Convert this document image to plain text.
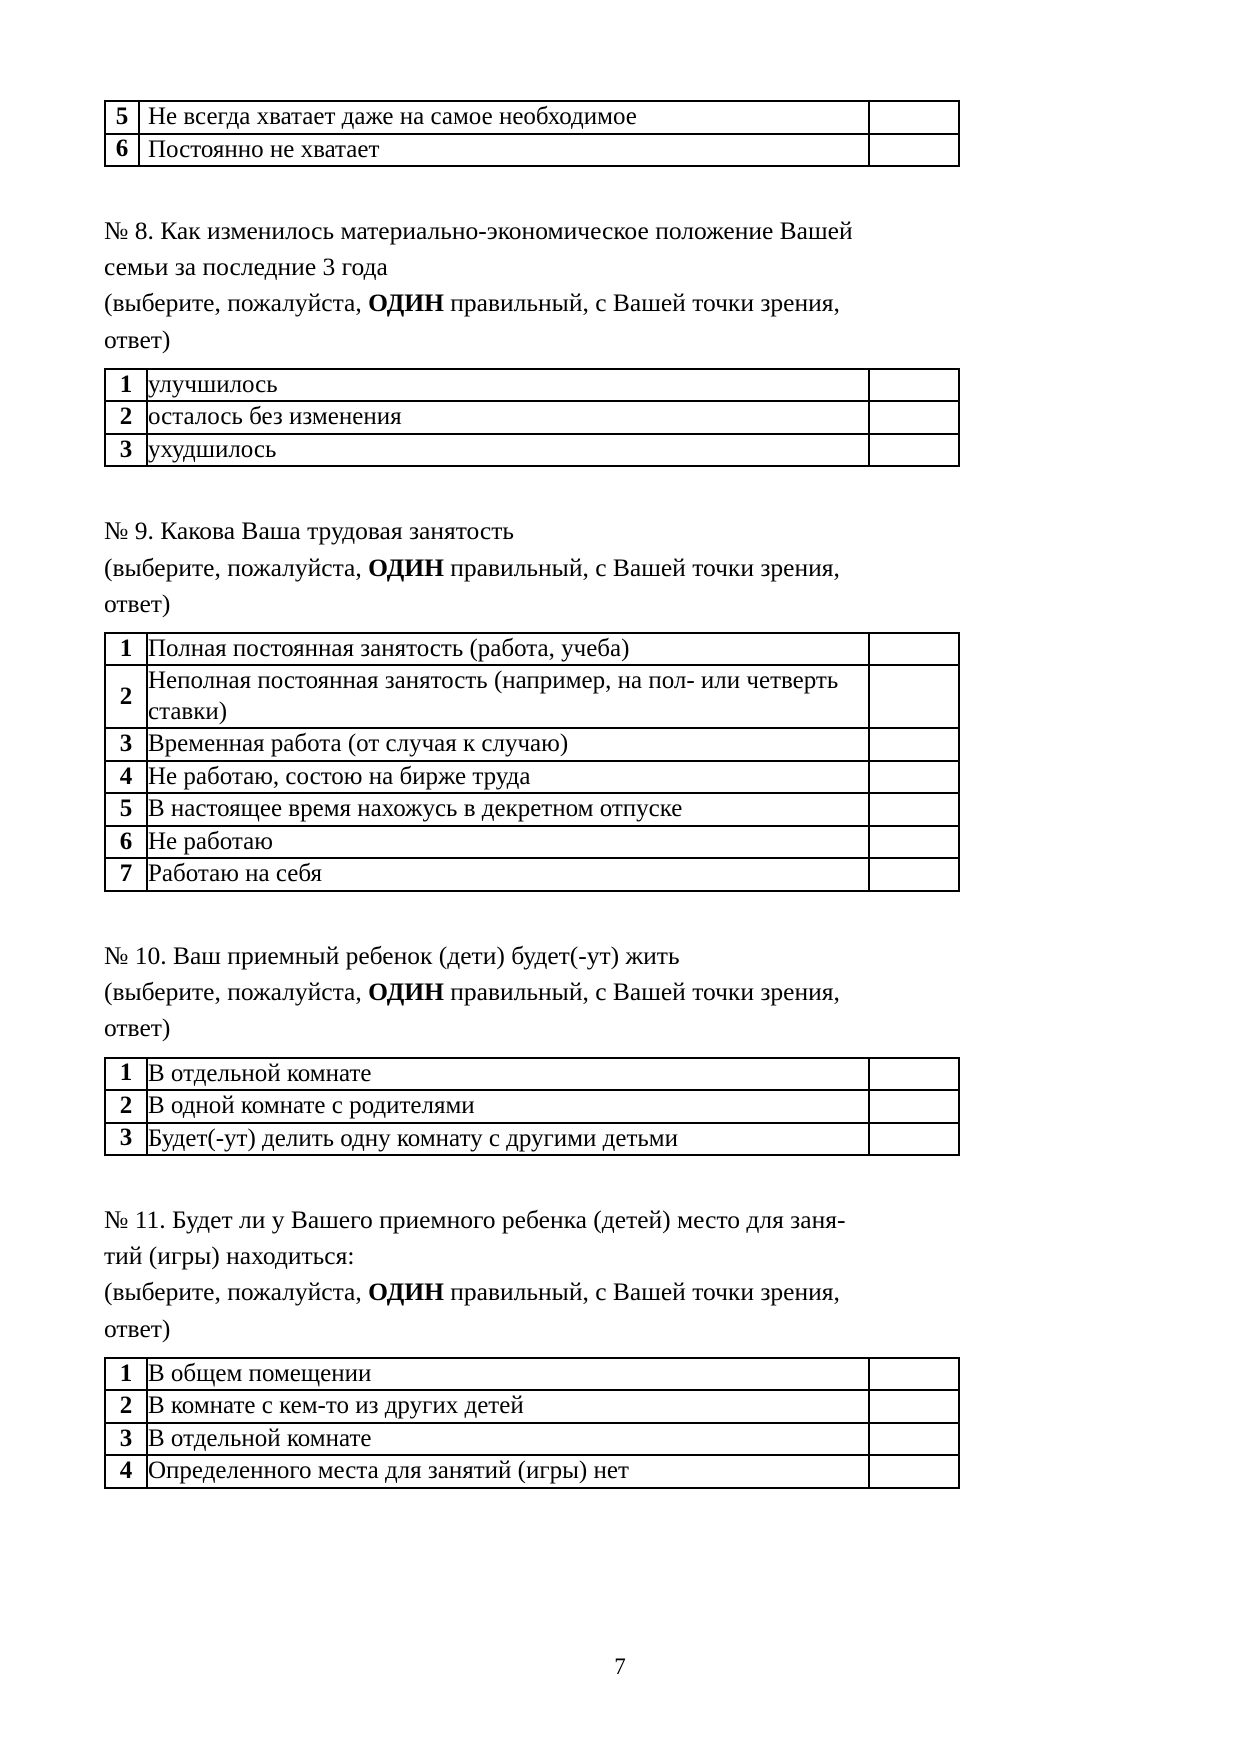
5	Не всегда хватает даже на самое необходимое	
6	Постоянно не хватает	
№ 8. Как изменилось материально-экономическое положение Вашей
семьи за последние 3 года
(выберите, пожалуйста, ОДИН правильный, с Вашей точки зрения,
ответ)
1	улучшилось	
2	осталось без изменения	
3	ухудшилось	
№ 9. Какова Ваша трудовая занятость
(выберите, пожалуйста, ОДИН правильный, с Вашей точки зрения,
ответ)
1	Полная постоянная занятость (работа, учеба)	
2	Неполная постоянная занятость (например, на пол- или четверть ставки)	
3	Временная работа (от случая к случаю)	
4	Не работаю, состою на бирже труда	
5	В настоящее время нахожусь в декретном отпуске	
6	Не работаю	
7	Работаю на себя	
№ 10. Ваш приемный ребенок (дети) будет(-ут) жить
(выберите, пожалуйста, ОДИН правильный, с Вашей точки зрения,
ответ)
1	В отдельной комнате	
2	В одной комнате с родителями	
3	Будет(-ут) делить одну комнату с другими детьми	
№ 11. Будет ли у Вашего приемного ребенка (детей) место для заня-
тий (игры) находиться:
(выберите, пожалуйста, ОДИН правильный, с Вашей точки зрения,
ответ)
1	В общем помещении	
2	В комнате с кем-то из других детей	
3	В отдельной комнате	
4	Определенного места для занятий (игры) нет	
7
